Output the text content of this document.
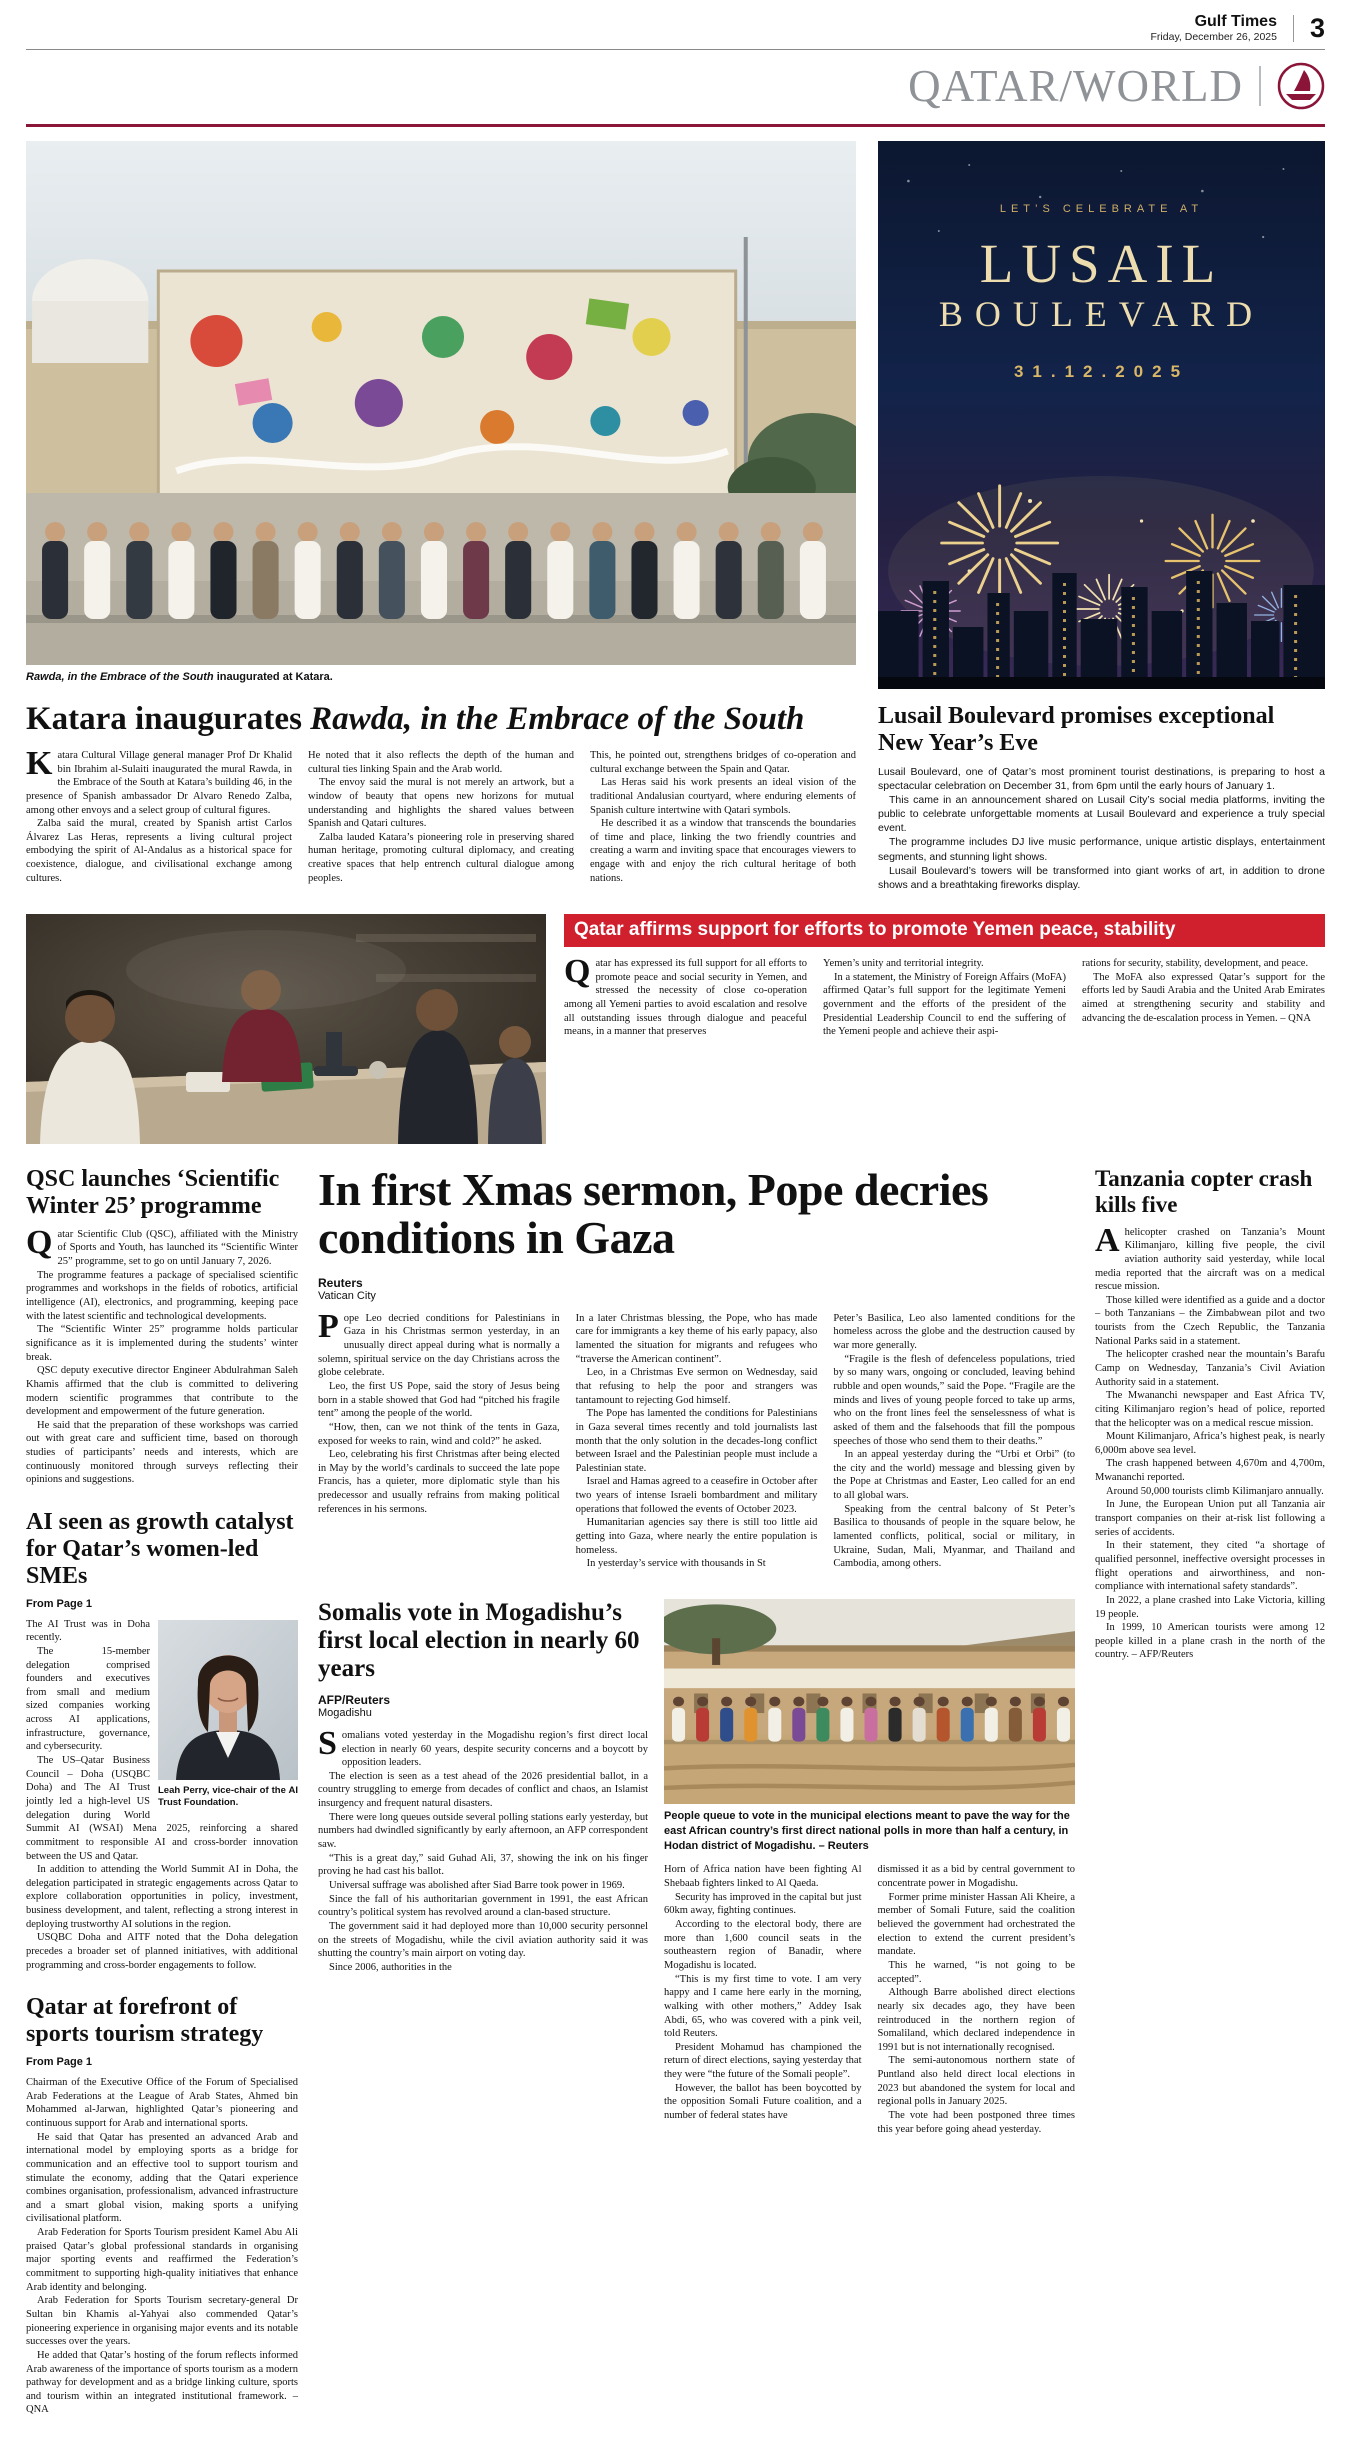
Gulf Times
Friday, December 26, 2025	3
QATAR/WORLD
Rawda, in the Embrace of the South inaugurated at Katara.
Katara inaugurates Rawda, in the Embrace of the South

Katara Cultural Village general manager Prof Dr Khalid bin Ibrahim al-Sulaiti inaugurated the mural Rawda, in the Embrace of the South at Katara’s building 46, in the presence of Spanish ambassador Dr Alvaro Renedo Zalba, among other envoys and a select group of cultural figures.

Zalba said the mural, created by Spanish artist Carlos Álvarez Las Heras, represents a living cultural project embodying the spirit of Al-Andalus as a historical space for coexistence, dialogue, and civilisational exchange among cultures.

He noted that it also reflects the depth of the human and cultural ties linking Spain and the Arab world.

The envoy said the mural is not merely an artwork, but a window of beauty that opens new horizons for mutual understanding and highlights the shared values between Spanish and Qatari cultures.

Zalba lauded Katara’s pioneering role in preserving shared human heritage, promoting cultural diplomacy, and creating creative spaces that help entrench cultural dialogue among peoples.

This, he pointed out, strengthens bridges of co-operation and cultural exchange between the Spain and Qatar.

Las Heras said his work presents an ideal vision of the traditional Andalusian courtyard, where enduring elements of Spanish culture intertwine with Qatari symbols.

He described it as a window that transcends the boundaries of time and place, linking the two friendly countries and creating a warm and inviting space that encourages viewers to engage with and enjoy the rich cultural heritage of both nations.

LET’S CELEBRATE AT
LUSAIL
BOULEVARD
31.12.2025
Lusail Boulevard promises exceptional New Year’s Eve

Lusail Boulevard, one of Qatar’s most prominent tourist destinations, is preparing to host a spectacular celebration on December 31, from 6pm until the early hours of January 1.

This came in an announcement shared on Lusail City’s social media platforms, inviting the public to celebrate unforgettable moments at Lusail Boulevard and experience a truly special event.

The programme includes DJ live music performance, unique artistic displays, entertainment segments, and stunning light shows.

Lusail Boulevard’s towers will be transformed into giant works of art, in addition to drone shows and a breathtaking fireworks display.

Qatar affirms support for efforts to promote Yemen peace, stability

Qatar has expressed its full support for all efforts to promote peace and social security in Yemen, and stressed the necessity of close co-operation among all Yemeni parties to avoid escalation and resolve all outstanding issues through dialogue and peaceful means, in a manner that preserves

Yemen’s unity and territorial integrity.

In a statement, the Ministry of Foreign Affairs (MoFA) affirmed Qatar’s full support for the legitimate Yemeni government and the efforts of the president of the Presidential Leadership Council to end the suffering of the Yemeni people and achieve their aspi-

rations for security, stability, development, and peace.

The MoFA also expressed Qatar’s support for the efforts led by Saudi Arabia and the United Arab Emirates aimed at strengthening security and stability and advancing the de-escalation process in Yemen. – QNA

QSC launches ‘Scientific Winter 25’ programme

Qatar Scientific Club (QSC), affiliated with the Ministry of Sports and Youth, has launched its “Scientific Winter 25” programme, set to go on until January 7, 2026.

The programme features a package of specialised scientific programmes and workshops in the fields of robotics, artificial intelligence (AI), electronics, and programming, keeping pace with the latest scientific and technological developments.

The “Scientific Winter 25” programme holds particular significance as it is implemented during the students’ winter break.

QSC deputy executive director Engineer Abdulrahman Saleh Khamis affirmed that the club is committed to delivering modern scientific programmes that contribute to the development and empowerment of the future generation.

He said that the preparation of these workshops was carried out with great care and sufficient time, based on thorough studies of participants’ needs and interests, which are continuously monitored through surveys reflecting their opinions and suggestions.

AI seen as growth catalyst for Qatar’s women-led SMEs
From Page 1
Leah Perry, vice-chair of the AI Trust Foundation.

The AI Trust was in Doha recently.

The 15-member delegation comprised founders and executives from small and medium sized companies working across AI applications, infrastructure, governance, and cybersecurity.

The US–Qatar Business Council – Doha (USQBC Doha) and The AI Trust jointly led a high-level US delegation during World Summit AI (WSAI) Mena 2025, reinforcing a shared commitment to responsible AI and cross-border innovation between the US and Qatar.

In addition to attending the World Summit AI in Doha, the delegation participated in strategic engagements across Qatar to explore collaboration opportunities in policy, investment, business development, and talent, reflecting a strong interest in deploying trustworthy AI solutions in the region.

USQBC Doha and AITF noted that the Doha delegation precedes a broader set of planned initiatives, with additional programming and cross-border engagements to follow.

Qatar at forefront of sports tourism strategy
From Page 1

Chairman of the Executive Office of the Forum of Specialised Arab Federations at the League of Arab States, Ahmed bin Mohammed al-Jarwan, highlighted Qatar’s pioneering and continuous support for Arab and international sports.

He said that Qatar has presented an advanced Arab and international model by employing sports as a bridge for communication and an effective tool to support tourism and stimulate the economy, adding that the Qatari experience combines organisation, professionalism, advanced infrastructure and a smart global vision, making sports a unifying civilisational platform.

Arab Federation for Sports Tourism president Kamel Abu Ali praised Qatar’s global professional standards in organising major sporting events and reaffirmed the Federation’s commitment to supporting high-quality initiatives that enhance Arab identity and belonging.

Arab Federation for Sports Tourism secretary-general Dr Sultan bin Khamis al-Yahyai also commended Qatar’s pioneering experience in organising major events and its notable successes over the years.

He added that Qatar’s hosting of the forum reflects informed Arab awareness of the importance of sports tourism as a modern pathway for development and as a bridge linking culture, sports and tourism within an integrated institutional framework. – QNA

In first Xmas sermon, Pope decries conditions in Gaza
Reuters
Vatican City

Pope Leo decried conditions for Palestinians in Gaza in his Christmas sermon yesterday, in an unusually direct appeal during what is normally a solemn, spiritual service on the day Christians across the globe celebrate.

Leo, the first US Pope, said the story of Jesus being born in a stable showed that God had “pitched his fragile tent” among the people of the world.

“How, then, can we not think of the tents in Gaza, exposed for weeks to rain, wind and cold?” he asked.

Leo, celebrating his first Christmas after being elected in May by the world’s cardinals to succeed the late pope Francis, has a quieter, more diplomatic style than his predecessor and usually refrains from making political references in his sermons.

In a later Christmas blessing, the Pope, who has made care for immigrants a key theme of his early papacy, also lamented the situation for migrants and refugees who “traverse the American continent”.

Leo, in a Christmas Eve sermon on Wednesday, said that refusing to help the poor and strangers was tantamount to rejecting God himself.

The Pope has lamented the conditions for Palestinians in Gaza several times recently and told journalists last month that the only solution in the decades-long conflict between Israel and the Palestinian people must include a Palestinian state.

Israel and Hamas agreed to a ceasefire in October after two years of intense Israeli bombardment and military operations that followed the events of October 2023.

Humanitarian agencies say there is still too little aid getting into Gaza, where nearly the entire population is homeless.

In yesterday’s service with thousands in St

Peter’s Basilica, Leo also lamented conditions for the homeless across the globe and the destruction caused by war more generally.

“Fragile is the flesh of defenceless populations, tried by so many wars, ongoing or concluded, leaving behind rubble and open wounds,” said the Pope. “Fragile are the minds and lives of young people forced to take up arms, who on the front lines feel the senselessness of what is asked of them and the falsehoods that fill the pompous speeches of those who send them to their deaths.”

In an appeal yesterday during the “Urbi et Orbi” (to the city and the world) message and blessing given by the Pope at Christmas and Easter, Leo called for an end to all global wars.

Speaking from the central balcony of St Peter’s Basilica to thousands of people in the square below, he lamented conflicts, political, social or military, in Ukraine, Sudan, Mali, Myanmar, and Thailand and Cambodia, among others.

Somalis vote in Mogadishu’s first local election in nearly 60 years
AFP/Reuters
Mogadishu

Somalians voted yesterday in the Mogadishu region’s first direct local election in nearly 60 years, despite security concerns and a boycott by opposition leaders.

The election is seen as a test ahead of the 2026 presidential ballot, in a country struggling to emerge from decades of conflict and chaos, an Islamist insurgency and frequent natural disasters.

There were long queues outside several polling stations early yesterday, but numbers had dwindled significantly by early afternoon, an AFP correspondent saw.

“This is a great day,” said Guhad Ali, 37, showing the ink on his finger proving he had cast his ballot.

Universal suffrage was abolished after Siad Barre took power in 1969.

Since the fall of his authoritarian government in 1991, the east African country’s political system has revolved around a clan-based structure.

The government said it had deployed more than 10,000 security personnel on the streets of Mogadishu, while the civil aviation authority said it was shutting the country’s main airport on voting day.

Since 2006, authorities in the

People queue to vote in the municipal elections meant to pave the way for the east African country’s first direct national polls in more than half a century, in Hodan district of Mogadishu. – Reuters

Horn of Africa nation have been fighting Al Shebaab fighters linked to Al Qaeda.

Security has improved in the capital but just 60km away, fighting continues.

According to the electoral body, there are more than 1,600 council seats in the southeastern region of Banadir, where Mogadishu is located.

“This is my first time to vote. I am very happy and I came here early in the morning, walking with other mothers,” Addey Isak Abdi, 65, who was covered with a pink veil, told Reuters.

President Mohamud has championed the return of direct elections, saying yesterday that they were “the future of the Somali people”.

However, the ballot has been boycotted by the opposition Somali Future coalition, and a number of federal states have

dismissed it as a bid by central government to concentrate power in Mogadishu.

Former prime minister Hassan Ali Kheire, a member of Somali Future, said the coalition believed the government had orchestrated the election to extend the current president’s mandate.

This he warned, “is not going to be accepted”.

Although Barre abolished direct elections nearly six decades ago, they have been reintroduced in the northern region of Somaliland, which declared independence in 1991 but is not internationally recognised.

The semi-autonomous northern state of Puntland also held direct local elections in 2023 but abandoned the system for local and regional polls in January 2025.

The vote had been postponed three times this year before going ahead yesterday.

Tanzania copter crash kills five

Ahelicopter crashed on Tanzania’s Mount Kilimanjaro, killing five people, the civil aviation authority said yesterday, while local media reported that the aircraft was on a medical rescue mission.

Those killed were identified as a guide and a doctor – both Tanzanians – the Zimbabwean pilot and two tourists from the Czech Republic, the Tanzania National Parks said in a statement.

The helicopter crashed near the mountain’s Barafu Camp on Wednesday, Tanzania’s Civil Aviation Authority said in a statement.

The Mwananchi newspaper and East Africa TV, citing Kilimanjaro region’s head of police, reported that the helicopter was on a medical rescue mission.

Mount Kilimanjaro, Africa’s highest peak, is nearly 6,000m above sea level.

The crash happened between 4,670m and 4,700m, Mwananchi reported.

Around 50,000 tourists climb Kilimanjaro annually.

In June, the European Union put all Tanzania air transport companies on their at-risk list following a series of accidents.

In their statement, they cited “a shortage of qualified personnel, ineffective oversight processes in flight operations and airworthiness, and non-compliance with international safety standards”.

In 2022, a plane crashed into Lake Victoria, killing 19 people.

In 1999, 10 American tourists were among 12 people killed in a plane crash in the north of the country. – AFP/Reuters
